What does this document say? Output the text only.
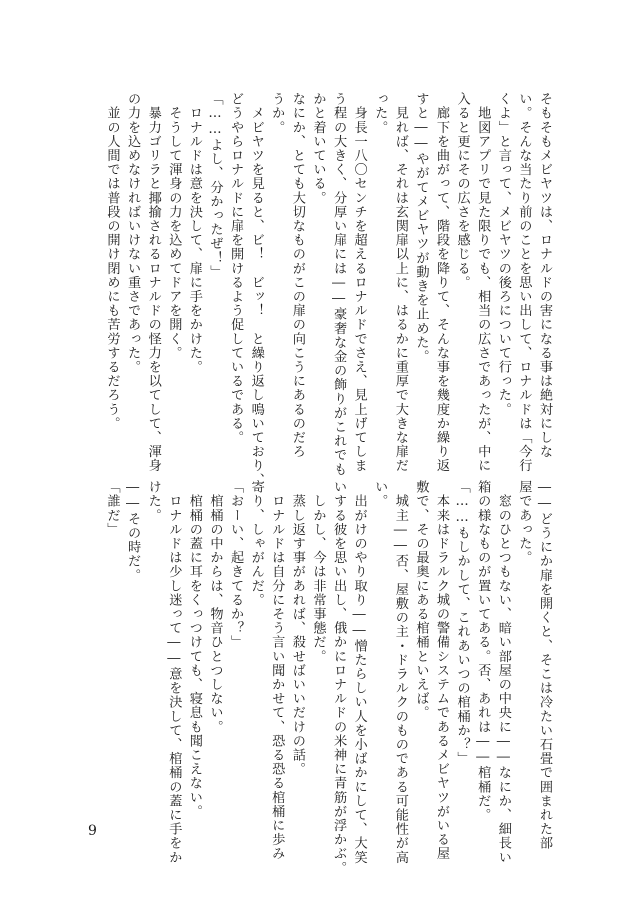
そもそもメビヤツは、ロナルドの害になる事は絶対にしな
い。そんな当たり前のことを思い出して、ロナルドは「今行
くよ」と言って、メビヤツの後ろについて行った。
　地図アプリで見た限りでも、相当の広さであったが、中に
入ると更にその広さを感じる。
　廊下を曲がって、階段を降りて、そんな事を幾度か繰り返
すと――やがてメビヤツが動きを止めた。
　見れば、それは玄関扉以上に、はるかに重厚で大きな扉だ
った。
　身長一八〇センチを超えるロナルドでさえ、見上げてしま
う程の大きく、分厚い扉には――豪奢な金の飾りがこれでも
かと着いている。
なにか、とても大切なものがこの扉の向こうにあるのだろ
うか。
　メビヤツを見ると、ビ！　ビッ！　と繰り返し鳴いており、
どうやらロナルドに扉を開けるよう促しているである。
「……よし、分かったぜ！」
　ロナルドは意を決して、扉に手をかけた。
　そうして渾身の力を込めてドアを開く。
　暴力ゴリラと揶揄されるロナルドの怪力を以てして、渾身
の力を込めなければいけない重さであった。
　並の人間では普段の開け閉めにも苦労するだろう。
――どうにか扉を開くと、そこは冷たい石畳で囲まれた部
屋であった。
　窓のひとつもない、暗い部屋の中央に――なにか、細長い
箱の様なものが置いてある。否、あれは――棺桶だ。
「……もしかして、これあいつの棺桶か？」
　本来はドラルク城の警備システムであるメビヤツがいる屋
敷で、その最奥にある棺桶といえば。
　城主――否、屋敷の主・ドラルクのものである可能性が高
い。
　出がけのやり取り――憎たらしい人を小ばかにして、大笑
いする彼を思い出し、俄かにロナルドの米神に青筋が浮かぶ。
　しかし、今は非常事態だ。
　蒸し返す事があれば、殺せばいいだけの話。
　ロナルドは自分にそう言い聞かせて、恐る恐る棺桶に歩み
寄り、しゃがんだ。
「おーい、起きてるか？」
　棺桶の中からは、物音ひとつしない。
　棺桶の蓋に耳をくっつけても、寝息も聞こえない。
　ロナルドは少し迷って――意を決して、棺桶の蓋に手をか
けた。
――その時だ。
「誰だ」
9
